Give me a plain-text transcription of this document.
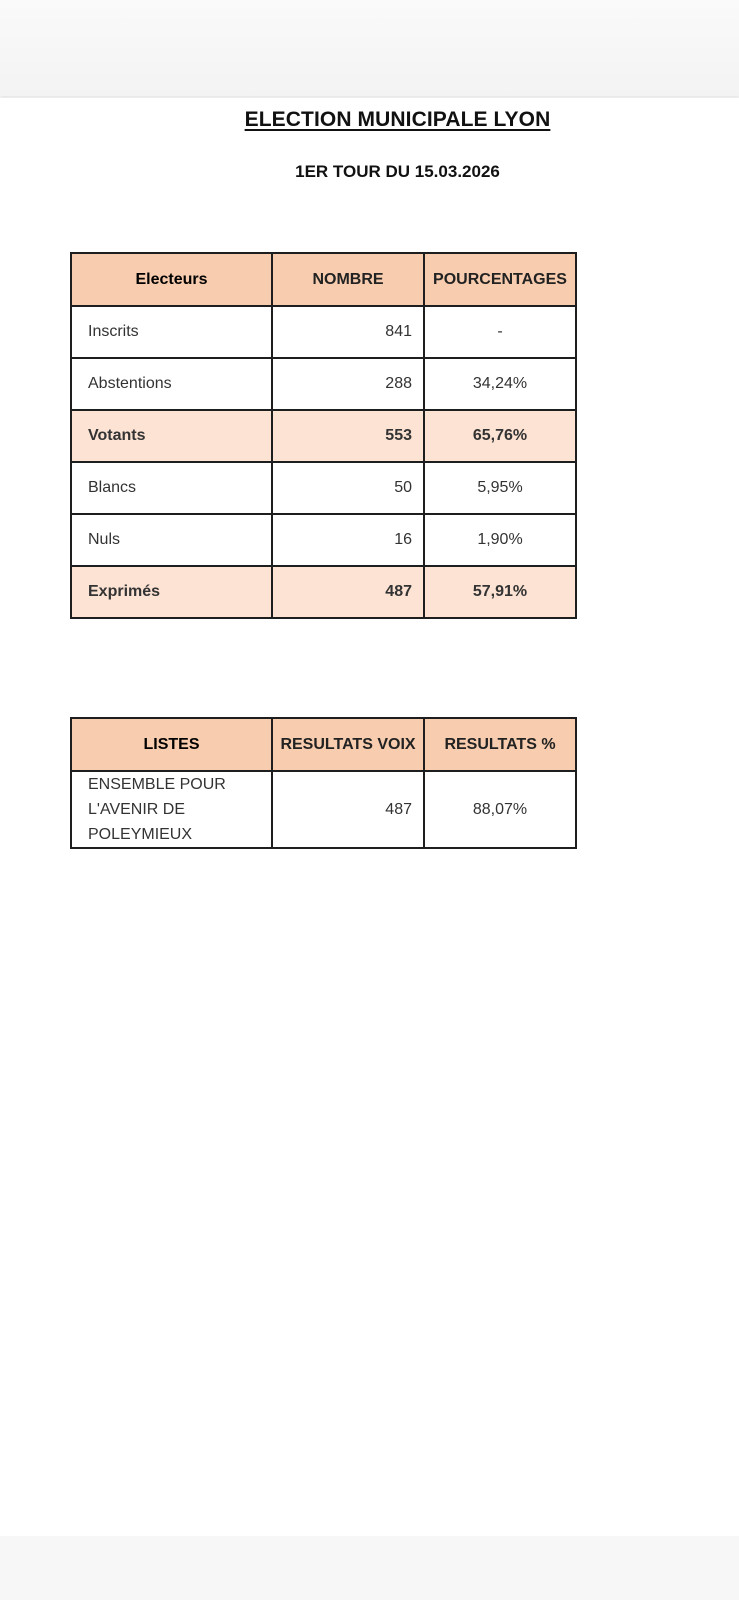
ELECTION MUNICIPALE LYON
1ER TOUR DU 15.03.2026
Electeurs	NOMBRE	POURCENTAGES
Inscrits	841	-
Abstentions	288	34,24%
Votants	553	65,76%
Blancs	50	5,95%
Nuls	16	1,90%
Exprimés	487	57,91%
LISTES	RESULTATS VOIX	RESULTATS %
ENSEMBLE POUR L'AVENIR DE POLEYMIEUX	487	88,07%
